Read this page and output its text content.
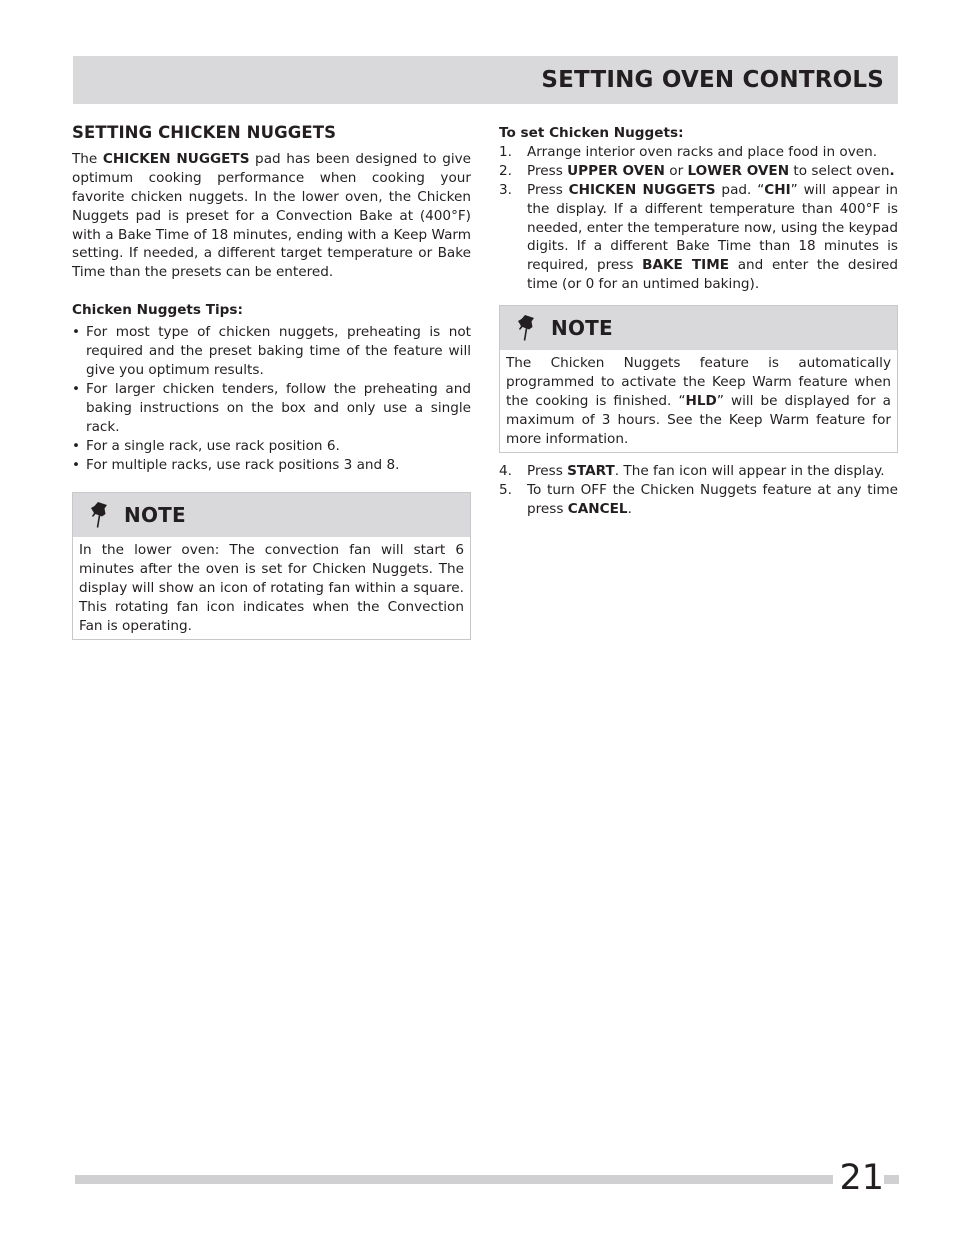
SETTING OVEN CONTROLS
SETTING CHICKEN NUGGETS

The CHICKEN NUGGETS pad has been designed to give optimum cooking performance when cooking your favorite chicken nuggets. In the lower oven, the Chicken Nuggets pad is preset for a Convection Bake at (400°F) with a Bake Time of 18 minutes, ending with a Keep Warm setting. If needed, a different target temperature or Bake Time than the presets can be entered.

Chicken Nuggets Tips:
• For most type of chicken nuggets, preheating is not required and the preset baking time of the feature will give you optimum results.
• For larger chicken tenders, follow the preheating and baking instructions on the box and only use a single rack.
• For a single rack, use rack position 6.
• For multiple racks, use rack positions 3 and 8.
NOTE
In the lower oven: The convection fan will start 6 minutes after the oven is set for Chicken Nuggets. The display will show an icon of rotating fan within a square. This rotating fan icon indicates when the Convection Fan is operating.
To set Chicken Nuggets:
1. Arrange interior oven racks and place food in oven.
2. Press UPPER OVEN or LOWER OVEN to select oven.
3. Press CHICKEN NUGGETS pad. “CHI” will appear in the display. If a different temperature than 400°F is needed, enter the temperature now, using the keypad digits. If a different Bake Time than 18 minutes is required, press BAKE TIME and enter the desired time (or 0 for an untimed baking).
NOTE
The Chicken Nuggets feature is automatically programmed to activate the Keep Warm feature when the cooking is finished. “HLD” will be displayed for a maximum of 3 hours. See the Keep Warm feature for more information.
4. Press START. The fan icon will appear in the display.
5. To turn OFF the Chicken Nuggets feature at any time press CANCEL.
21
